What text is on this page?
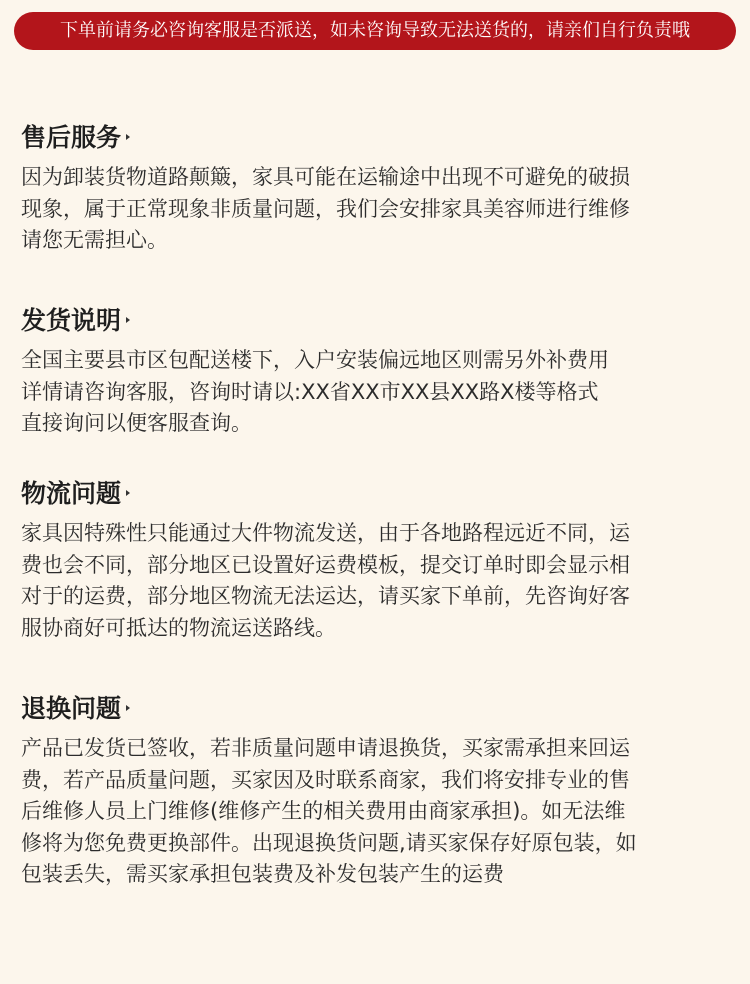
下单前请务必咨询客服是否派送，如未咨询导致无法送货的，请亲们自行负责哦
售后服务
因为卸装货物道路颠簸，家具可能在运输途中出现不可避免的破损
现象，属于正常现象非质量问题，我们会安排家具美容师进行维修
请您无需担心。
发货说明
全国主要县市区包配送楼下，入户安装偏远地区则需另外补费用
详情请咨询客服，咨询时请以:XX省XX市XX县XX路X楼等格式
直接询问以便客服查询。
物流问题
家具因特殊性只能通过大件物流发送，由于各地路程远近不同，运
费也会不同，部分地区已设置好运费模板，提交订单时即会显示相
对于的运费，部分地区物流无法运达，请买家下单前，先咨询好客
服协商好可抵达的物流运送路线。
退换问题
产品已发货已签收，若非质量问题申请退换货，买家需承担来回运
费，若产品质量问题，买家因及时联系商家，我们将安排专业的售
后维修人员上门维修(维修产生的相关费用由商家承担)。如无法维
修将为您免费更换部件。出现退换货问题,请买家保存好原包装，如
包装丢失，需买家承担包装费及补发包装产生的运费
